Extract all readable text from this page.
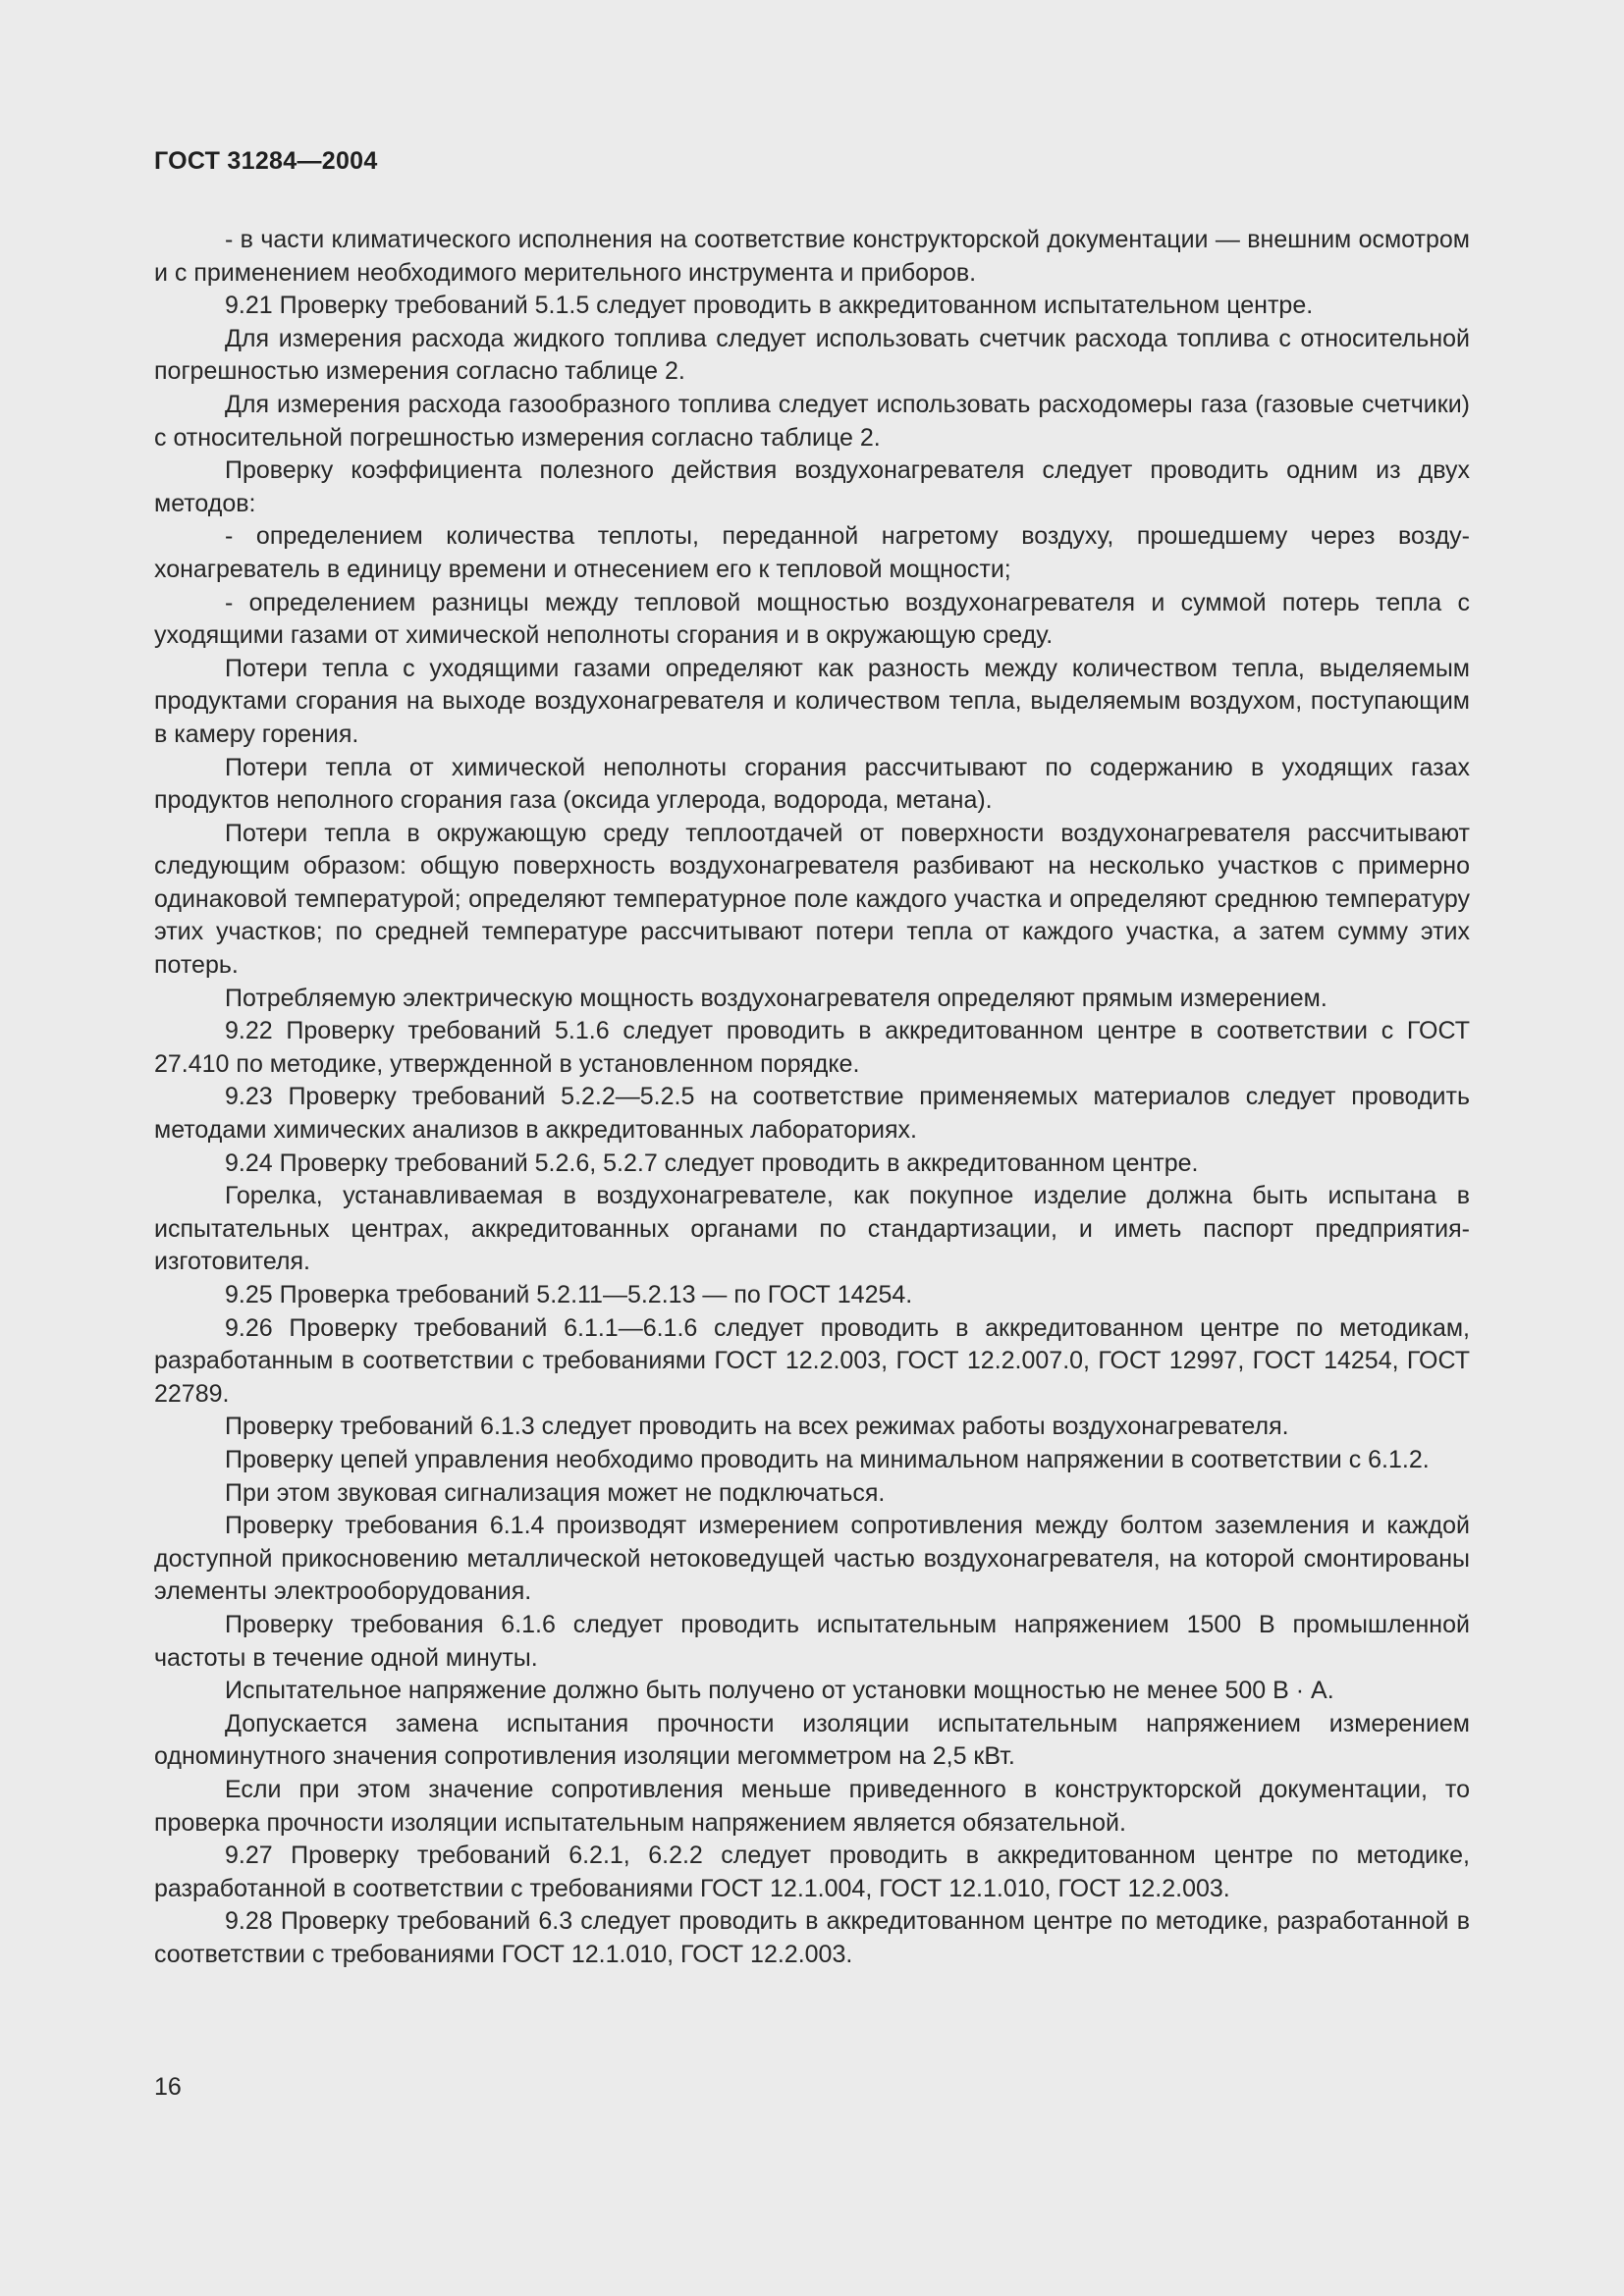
ГОСТ 31284—2004

- в части климатического исполнения на соответствие конструкторской документации — внешним осмотром и с применением необходимого мерительного инструмента и приборов.

9.21 Проверку требований 5.1.5 следует проводить в аккредитованном испытательном центре.

Для измерения расхода жидкого топлива следует использовать счетчик расхода топлива с относительной погрешностью измерения согласно таблице 2.

Для измерения расхода газообразного топлива следует использовать расходомеры газа (газовые счетчики) с относительной погрешностью измерения согласно таблице 2.

Проверку коэффициента полезного действия воздухонагревателя следует проводить одним из двух методов:

- определением количества теплоты, переданной нагретому воздуху, прошедшему через воздухонагреватель в единицу времени и отнесением его к тепловой мощности;

- определением разницы между тепловой мощностью воздухонагревателя и суммой потерь тепла с уходящими газами от химической неполноты сгорания и в окружающую среду.

Потери тепла с уходящими газами определяют как разность между количеством тепла, выделяемым продуктами сгорания на выходе воздухонагревателя и количеством тепла, выделяемым воздухом, поступающим в камеру горения.

Потери тепла от химической неполноты сгорания рассчитывают по содержанию в уходящих газах продуктов неполного сгорания газа (оксида углерода, водорода, метана).

Потери тепла в окружающую среду теплоотдачей от поверхности воздухонагревателя рассчитывают следующим образом: общую поверхность воздухонагревателя разбивают на несколько участков с примерно одинаковой температурой; определяют температурное поле каждого участка и определяют среднюю температуру этих участков; по средней температуре рассчитывают потери тепла от каждого участка, а затем сумму этих потерь.

Потребляемую электрическую мощность воздухонагревателя определяют прямым измерением.

9.22 Проверку требований 5.1.6 следует проводить в аккредитованном центре в соответствии с ГОСТ 27.410 по методике, утвержденной в установленном порядке.

9.23 Проверку требований 5.2.2—5.2.5 на соответствие применяемых материалов следует проводить методами химических анализов в аккредитованных лабораториях.

9.24 Проверку требований 5.2.6, 5.2.7 следует проводить в аккредитованном центре.

Горелка, устанавливаемая в воздухонагревателе, как покупное изделие должна быть испытана в испытательных центрах, аккредитованных органами по стандартизации, и иметь паспорт предприятия-изготовителя.

9.25 Проверка требований 5.2.11—5.2.13 — по ГОСТ 14254.

9.26 Проверку требований 6.1.1—6.1.6 следует проводить в аккредитованном центре по методикам, разработанным в соответствии с требованиями ГОСТ 12.2.003, ГОСТ 12.2.007.0, ГОСТ 12997, ГОСТ 14254, ГОСТ 22789.

Проверку требований 6.1.3 следует проводить на всех режимах работы воздухонагревателя.

Проверку цепей управления необходимо проводить на минимальном напряжении в соответствии с 6.1.2.

При этом звуковая сигнализация может не подключаться.

Проверку требования 6.1.4 производят измерением сопротивления между болтом заземления и каждой доступной прикосновению металлической нетоковедущей частью воздухонагревателя, на которой смонтированы элементы электрооборудования.

Проверку требования 6.1.6 следует проводить испытательным напряжением 1500 В промышленной частоты в течение одной минуты.

Испытательное напряжение должно быть получено от установки мощностью не менее 500 В · А.

Допускается замена испытания прочности изоляции испытательным напряжением измерением одноминутного значения сопротивления изоляции мегомметром на 2,5 кВт.

Если при этом значение сопротивления меньше приведенного в конструкторской документации, то проверка прочности изоляции испытательным напряжением является обязательной.

9.27 Проверку требований 6.2.1, 6.2.2 следует проводить в аккредитованном центре по методике, разработанной в соответствии с требованиями ГОСТ 12.1.004, ГОСТ 12.1.010, ГОСТ 12.2.003.

9.28 Проверку требований 6.3 следует проводить в аккредитованном центре по методике, разработанной в соответствии с требованиями ГОСТ 12.1.010, ГОСТ 12.2.003.

16
